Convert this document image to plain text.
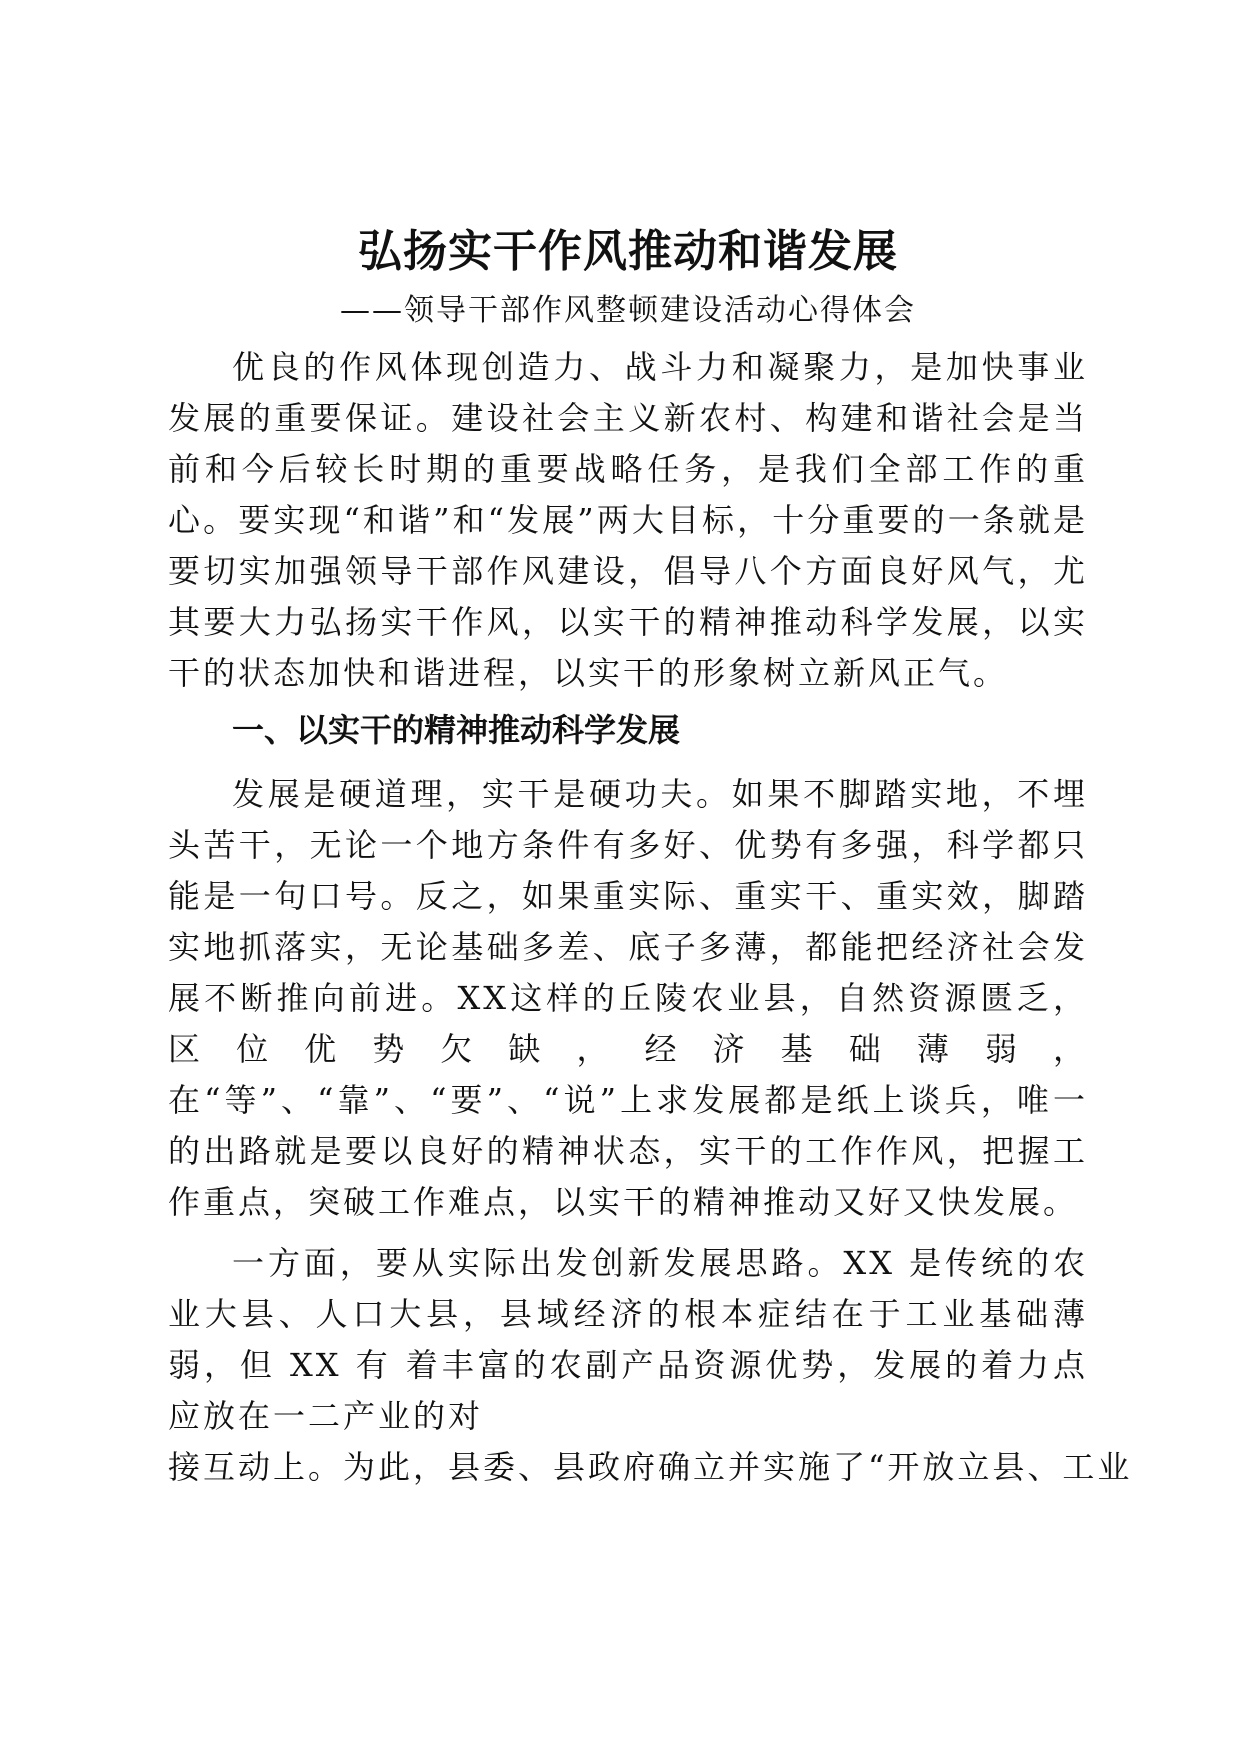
弘扬实干作风推动和谐发展

——领导干部作风整顿建设活动心得体会

优良的作风体现创造力、战斗力和凝聚力，是加快事业发展的重要保证。建设社会主义新农村、构建和谐社会是当前和今后较长时期的重要战略任务，是我们全部工作的重心。要实现“和谐”和“发展”两大目标，十分重要的一条就是要切实加强领导干部作风建设，倡导八个方面良好风气，尤其要大力弘扬实干作风，以实干的精神推动科学发展，以实干的状态加快和谐进程，以实干的形象树立新风正气。

一、以实干的精神推动科学发展

发展是硬道理，实干是硬功夫。如果不脚踏实地，不埋头苦干，无论一个地方条件有多好、优势有多强，科学都只能是一句口号。反之，如果重实际、重实干、重实效，脚踏实地抓落实，无论基础多差、底子多薄，都能把经济社会发展不断推向前进。XX这样的丘陵农业县，自然资源匮乏，区位优势欠缺，经济基础薄弱，在“等”、“靠”、“要”、“说”上求发展都是纸上谈兵，唯一的出路就是要以良好的精神状态，实干的工作作风，把握工作重点，突破工作难点，以实干的精神推动又好又快发展。

一方面，要从实际出发创新发展思路。XX 是传统的农业大县、人口大县，县域经济的根本症结在于工业基础薄弱，但 XX 有 着丰富的农副产品资源优势，发展的着力点应放在一二产业的对

接互动上。为此，县委、县政府确立并实施了“开放立县、工业
